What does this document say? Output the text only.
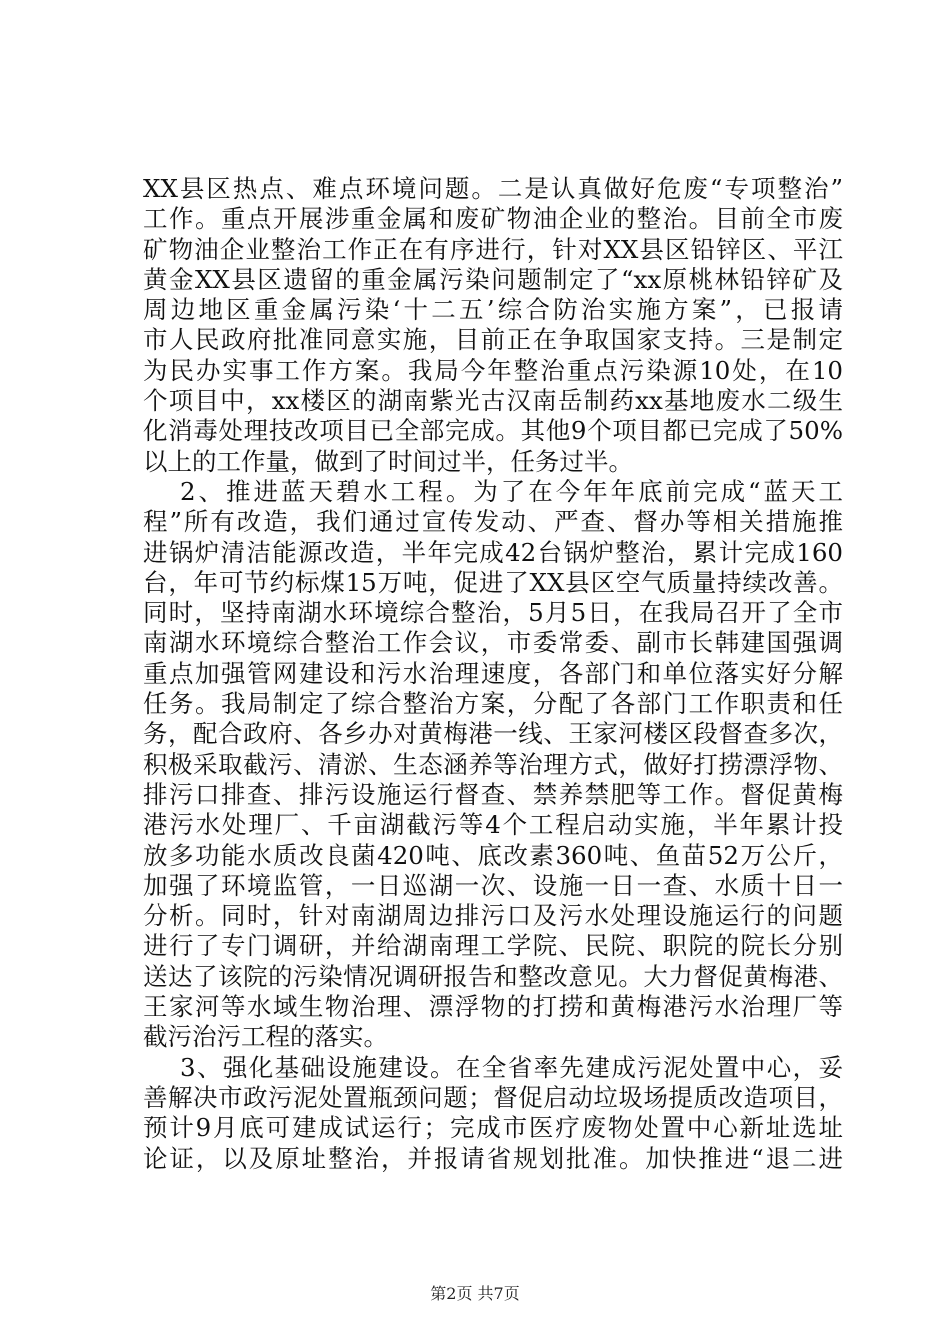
XX县区热点、难点环境问题。二是认真做好危废“专项整治”
工作。重点开展涉重金属和废矿物油企业的整治。目前全市废
矿物油企业整治工作正在有序进行，针对XX县区铅锌区、平江
黄金XX县区遗留的重金属污染问题制定了“xx原桃林铅锌矿及
周边地区重金属污染‘十二五’综合防治实施方案”，已报请
市人民政府批准同意实施，目前正在争取国家支持。三是制定
为民办实事工作方案。我局今年整治重点污染源10处，在10
个项目中，xx楼区的湖南紫光古汉南岳制药xx基地废水二级生
化消毒处理技改项目已全部完成。其他9个项目都已完成了50%
以上的工作量，做到了时间过半，任务过半。
2、推进蓝天碧水工程。为了在今年年底前完成“蓝天工
程”所有改造，我们通过宣传发动、严查、督办等相关措施推
进锅炉清洁能源改造，半年完成42台锅炉整治，累计完成160
台，年可节约标煤15万吨，促进了XX县区空气质量持续改善。
同时，坚持南湖水环境综合整治，5月5日，在我局召开了全市
南湖水环境综合整治工作会议，市委常委、副市长韩建国强调
重点加强管网建设和污水治理速度，各部门和单位落实好分解
任务。我局制定了综合整治方案，分配了各部门工作职责和任
务，配合政府、各乡办对黄梅港一线、王家河楼区段督查多次，
积极采取截污、清淤、生态涵养等治理方式，做好打捞漂浮物、
排污口排查、排污设施运行督查、禁养禁肥等工作。督促黄梅
港污水处理厂、千亩湖截污等4个工程启动实施，半年累计投
放多功能水质改良菌420吨、底改素360吨、鱼苗52万公斤，
加强了环境监管，一日巡湖一次、设施一日一查、水质十日一
分析。同时，针对南湖周边排污口及污水处理设施运行的问题
进行了专门调研，并给湖南理工学院、民院、职院的院长分别
送达了该院的污染情况调研报告和整改意见。大力督促黄梅港、
王家河等水域生物治理、漂浮物的打捞和黄梅港污水治理厂等
截污治污工程的落实。
3、强化基础设施建设。在全省率先建成污泥处置中心，妥
善解决市政污泥处置瓶颈问题；督促启动垃圾场提质改造项目，
预计9月底可建成试运行；完成市医疗废物处置中心新址选址
论证，以及原址整治，并报请省规划批准。加快推进“退二进
第2页 共7页
